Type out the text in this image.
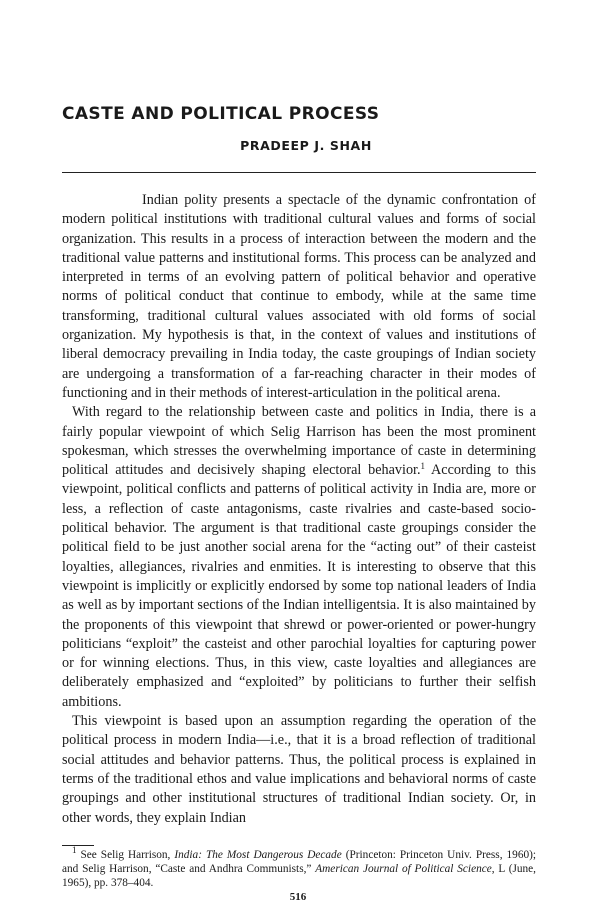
CASTE AND POLITICAL PROCESS
PRADEEP J. SHAH

Indian polity presents a spectacle of the dynamic confrontation of modern political institutions with traditional cultural values and forms of social organization. This results in a process of interaction between the modern and the traditional value patterns and institutional forms. This process can be analyzed and interpreted in terms of an evolving pattern of political behavior and operative norms of political conduct that continue to embody, while at the same time transforming, traditional cultural values associated with old forms of social organization. My hypothesis is that, in the context of values and institutions of liberal democracy prevailing in India today, the caste groupings of Indian society are undergoing a transformation of a far-reaching character in their modes of functioning and in their methods of interest-articulation in the political arena.

With regard to the relationship between caste and politics in India, there is a fairly popular viewpoint of which Selig Harrison has been the most prominent spokesman, which stresses the overwhelming importance of caste in determining political attitudes and decisively shaping electoral behavior.$^1$ According to this viewpoint, political conflicts and patterns of political activity in India are, more or less, a reflection of caste antagonisms, caste rivalries and caste-based socio-political behavior. The argument is that traditional caste groupings consider the political field to be just another social arena for the “acting out” of their casteist loyalties, allegiances, rivalries and enmities. It is interesting to observe that this viewpoint is implicitly or explicitly endorsed by some top national leaders of India as well as by important sections of the Indian intelligentsia. It is also maintained by the proponents of this viewpoint that shrewd or power-oriented or power-hungry politicians “exploit” the casteist and other parochial loyalties for capturing power or for winning elections. Thus, in this view, caste loyalties and allegiances are deliberately emphasized and “exploited” by politicians to further their selfish ambitions.

This viewpoint is based upon an assumption regarding the operation of the political process in modern India—i.e., that it is a broad reflection of traditional social attitudes and behavior patterns. Thus, the political process is explained in terms of the traditional ethos and value implications and behavioral norms of caste groupings and other institutional structures of traditional Indian society. Or, in other words, they explain Indian

$^1$ See Selig Harrison, India: The Most Dangerous Decade (Princeton: Princeton Univ. Press, 1960); and Selig Harrison, “Caste and Andhra Communists,” American Journal of Political Science, L (June, 1965), pp. 378–404.

516
